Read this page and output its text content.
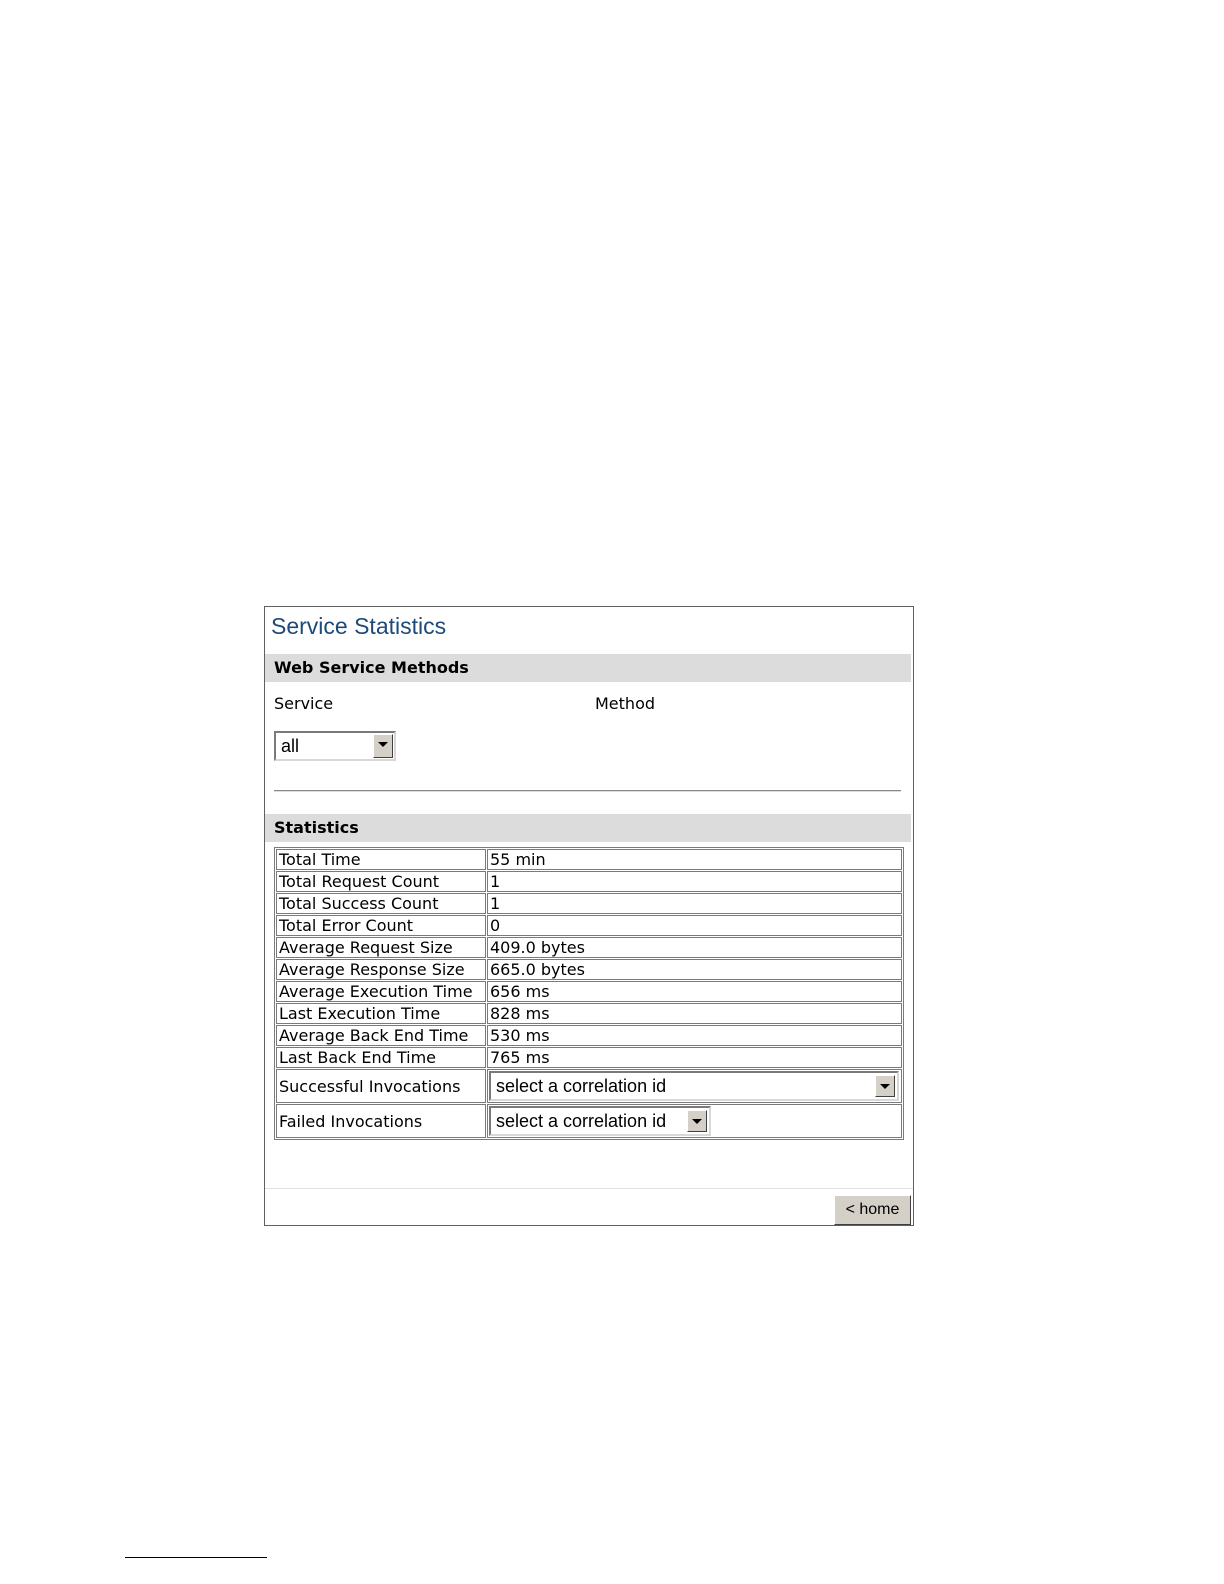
Service Statistics
Web Service Methods
Service	Method
all
Statistics
Total Time	55 min
Total Request Count	1
Total Success Count	1
Total Error Count	0
Average Request Size	409.0 bytes
Average Response Size	665.0 bytes
Average Execution Time	656 ms
Last Execution Time	828 ms
Average Back End Time	530 ms
Last Back End Time	765 ms
Successful Invocations	select a correlation id

Failed Invocations	select a correlation id
< home
